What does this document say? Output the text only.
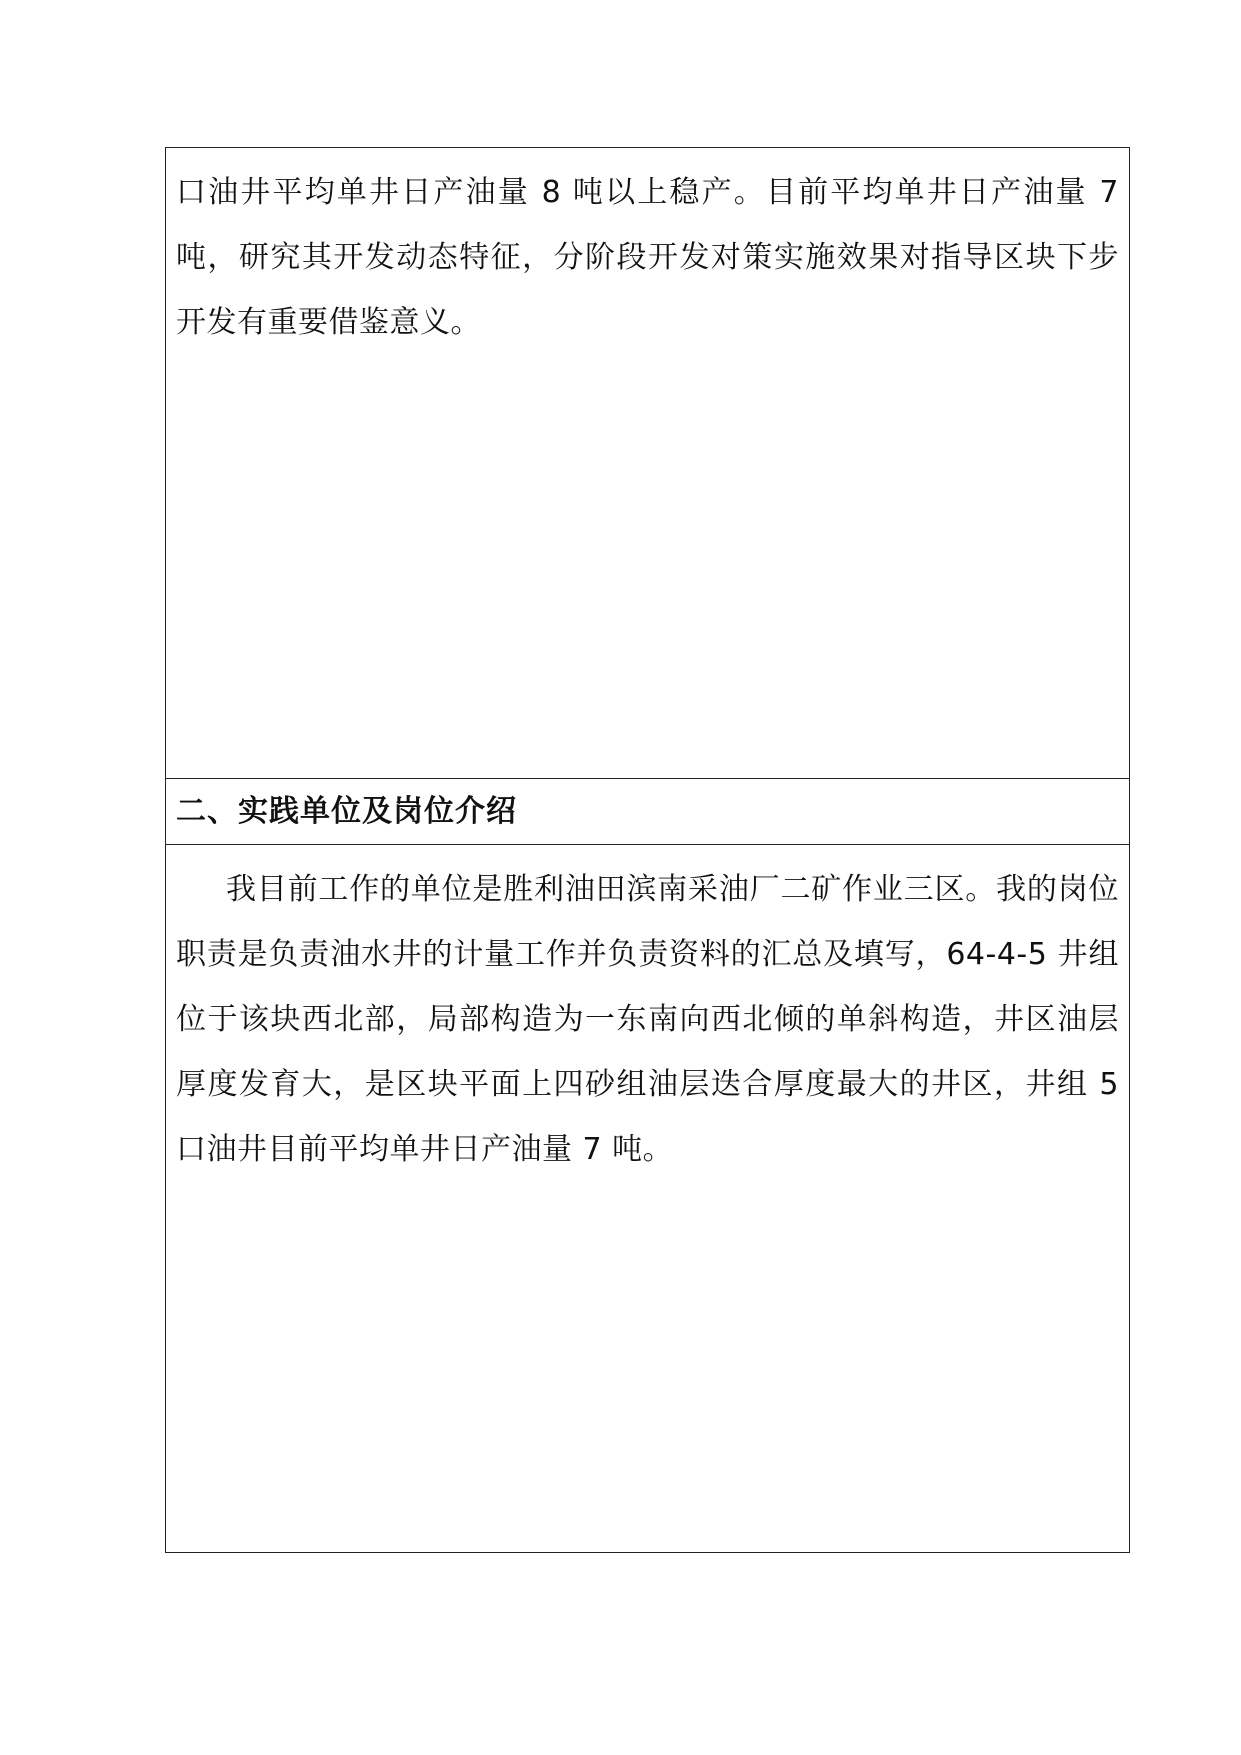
口油井平均单井日产油量 8 吨以上稳产。目前平均单井日产油量 7 吨，研究其开发动态特征，分阶段开发对策实施效果对指导区块下步开发有重要借鉴意义。

二、实践单位及岗位介绍

我目前工作的单位是胜利油田滨南采油厂二矿作业三区。我的岗位职责是负责油水井的计量工作并负责资料的汇总及填写，64-4-5 井组位于该块西北部，局部构造为一东南向西北倾的单斜构造，井区油层厚度发育大，是区块平面上四砂组油层迭合厚度最大的井区，井组 5 口油井目前平均单井日产油量 7 吨。
